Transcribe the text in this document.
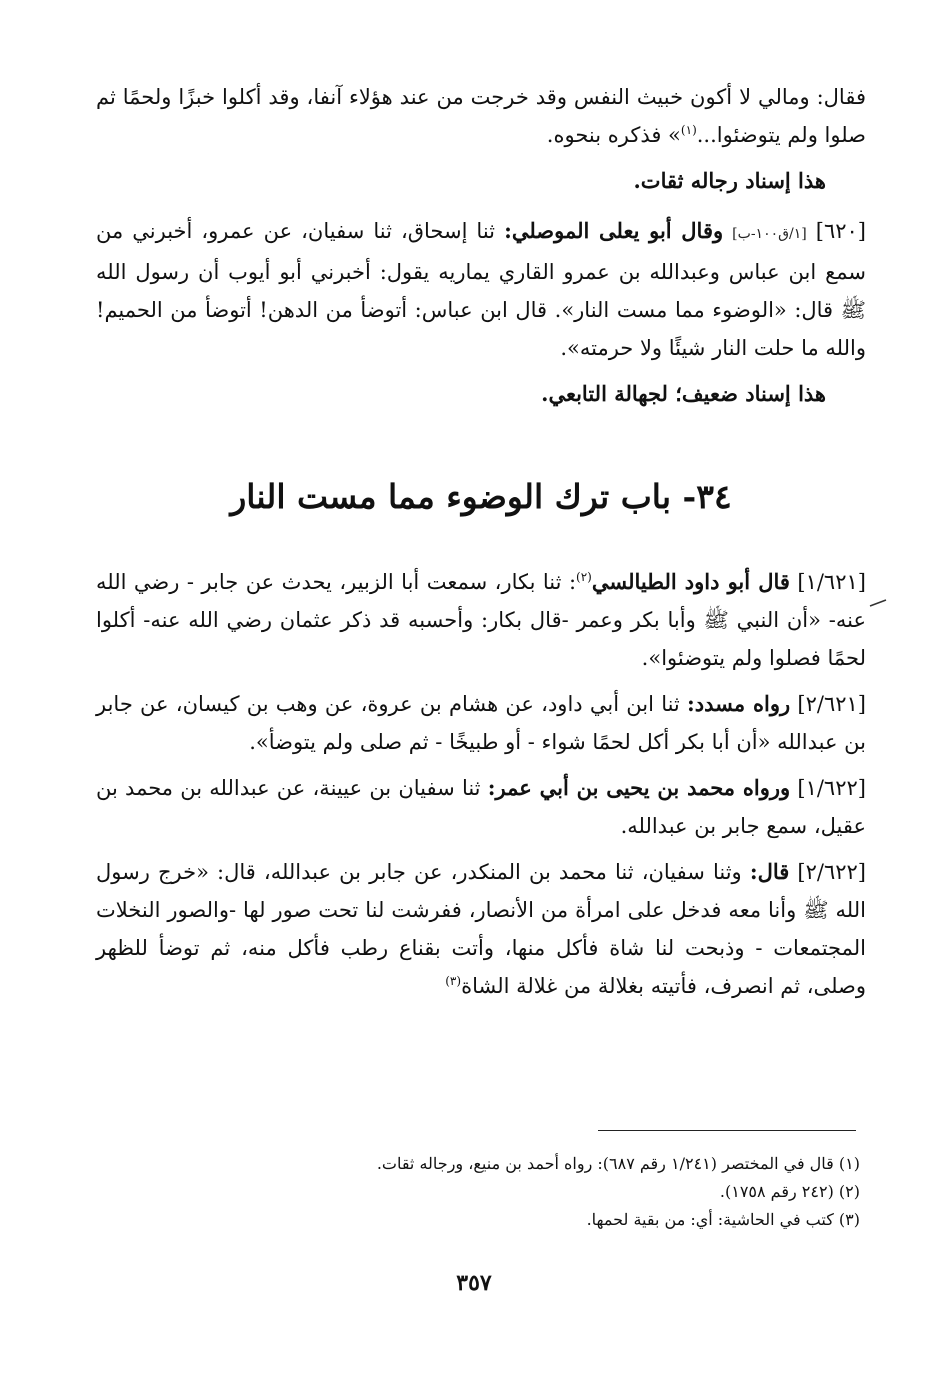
فقال: ومالي لا أكون خبيث النفس وقد خرجت من عند هؤلاء آنفا، وقد أكلوا خبزًا ولحمًا ثم صلوا ولم يتوضئوا...$^{(١)}$» فذكره بنحوه.

هذا إسناد رجاله ثقات.

[٦٢٠] [١/ق١٠٠-ب] وقال أبو يعلى الموصلي: ثنا إسحاق، ثنا سفيان، عن عمرو، أخبرني من سمع ابن عباس وعبدالله بن عمرو القاري يماريه يقول: أخبرني أبو أيوب أن رسول الله ﷺ قال: «الوضوء مما مست النار». قال ابن عباس: أتوضأ من الدهن! أتوضأ من الحميم! والله ما حلت النار شيئًا ولا حرمته».

هذا إسناد ضعيف؛ لجهالة التابعي.

٣٤- باب ترك الوضوء مما مست النار

[١/٦٢١] قال أبو داود الطيالسي$^{(٢)}$: ثنا بكار، سمعت أبا الزبير، يحدث عن جابر - رضي الله عنه- «أن النبي ﷺ وأبا بكر وعمر -قال بكار: وأحسبه قد ذكر عثمان رضي الله عنه- أكلوا لحمًا فصلوا ولم يتوضئوا».

[٢/٦٢١] رواه مسدد: ثنا ابن أبي داود، عن هشام بن عروة، عن وهب بن كيسان، عن جابر بن عبدالله «أن أبا بكر أكل لحمًا شواء - أو طبيخًا - ثم صلى ولم يتوضأ».

[١/٦٢٢] ورواه محمد بن يحيى بن أبي عمر: ثنا سفيان بن عيينة، عن عبدالله بن محمد بن عقيل، سمع جابر بن عبدالله.

[٢/٦٢٢] قال: وثنا سفيان، ثنا محمد بن المنكدر، عن جابر بن عبدالله، قال: «خرج رسول الله ﷺ وأنا معه فدخل على امرأة من الأنصار، ففرشت لنا تحت صور لها -والصور النخلات المجتمعات - وذبحت لنا شاة فأكل منها، وأتت بقناع رطب فأكل منه، ثم توضأ للظهر وصلى، ثم انصرف، فأتيته بغلالة من غلالة الشاة$^{(٣)}$

(١) قال في المختصر (١/٢٤١ رقم ٦٨٧): رواه أحمد بن منيع، ورجاله ثقات.
(٢) (٢٤٢ رقم ١٧٥٨).
(٣) كتب في الحاشية: أي: من بقية لحمها.
٣٥٧
